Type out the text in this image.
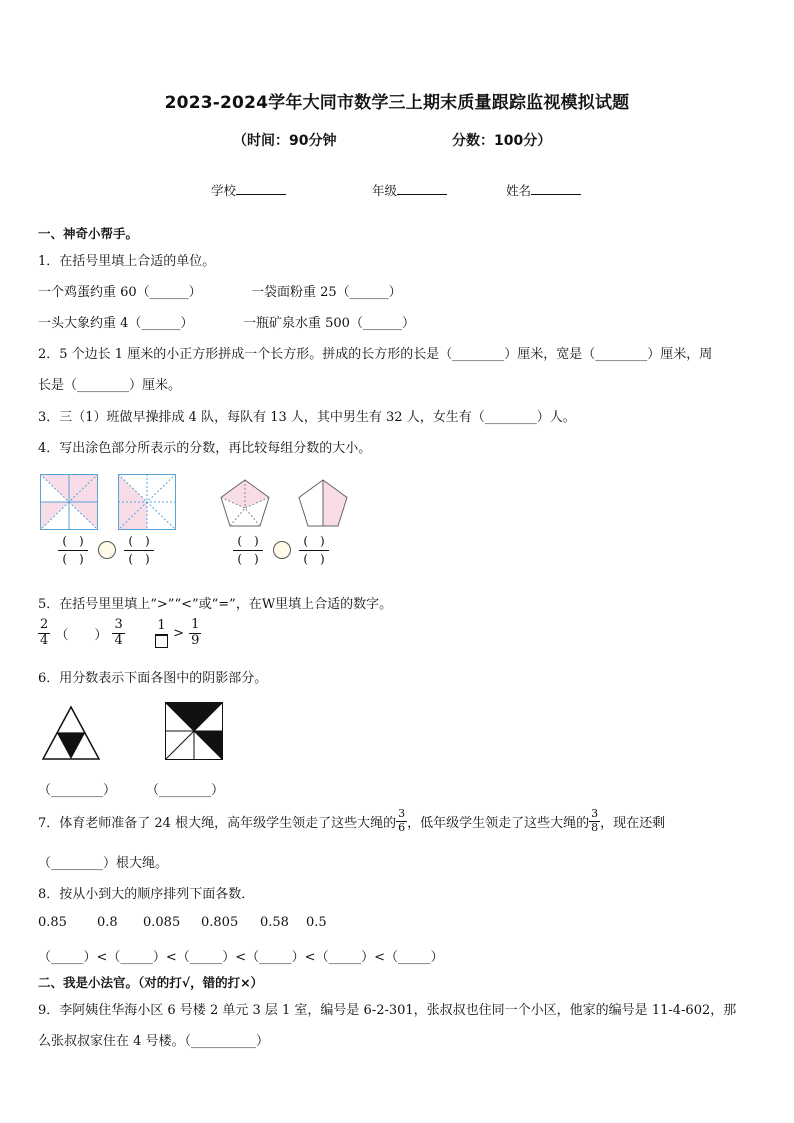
2023-2024学年大同市数学三上期末质量跟踪监视模拟试题
（时间：90分钟	分数：100分）
学校	年级	姓名
一、神奇小帮手。
1．在括号里填上合适的单位。
一个鸡蛋约重 60（______）	一袋面粉重 25（______）
一头大象约重 4（______）	一瓶矿泉水重 500（______）
2．5 个边长 1 厘米的小正方形拼成一个长方形。拼成的长方形的长是（________）厘米，宽是（________）厘米，周
长是（________）厘米。
3．三（1）班做早操排成 4 队，每队有 13 人，其中男生有 32 人，女生有（________）人。
4．写出涂色部分所表示的分数，再比较每组分数的大小。
(　)
(　)
(　)
(　)
(　)
(　)
(　)
(　)
5．在括号里里填上“>”“<”或“=”，在W里填上合适的数字。
$\frac{2}{4}$ （　　） $\frac{3}{4}$	1
> $\frac{1}{9}$
6．用分数表示下面各图中的阴影部分。
（________） （________）
7．体育老师准备了 24 根大绳，高年级学生领走了这些大绳的 $\frac{3}{6}$ ，低年级学生领走了这些大绳的 $\frac{3}{8}$ ，现在还剩
（________）根大绳。
8．按从小到大的顺序排列下面各数．
0.85 0.8 0.085 0.805 0.58 0.5
（_____）<（_____）<（_____）<（_____）<（_____）<（_____）
二、我是小法官。（对的打√，错的打×）
9．李阿姨住华海小区 6 号楼 2 单元 3 层 1 室，编号是 6-2-301，张叔叔也住同一个小区，他家的编号是 11-4-602，那
么张叔叔家住在 4 号楼。（__________）
